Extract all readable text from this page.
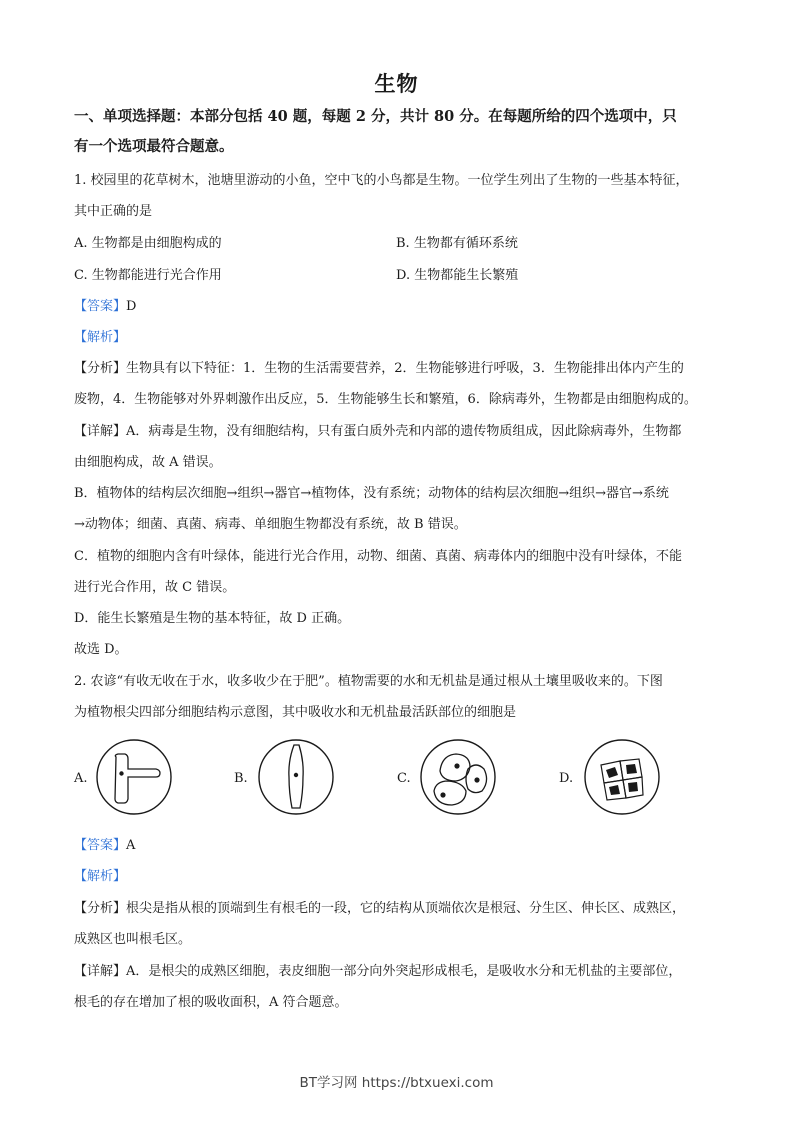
生物
一、单项选择题：本部分包括 40 题，每题 2 分，共计 80 分。在每题所给的四个选项中，只
有一个选项最符合题意。
1. 校园里的花草树木，池塘里游动的小鱼，空中飞的小鸟都是生物。一位学生列出了生物的一些基本特征，
其中正确的是
A. 生物都是由细胞构成的	B. 生物都有循环系统
C. 生物都能进行光合作用	D. 生物都能生长繁殖
【答案】D
【解析】
【分析】生物具有以下特征：1．生物的生活需要营养，2．生物能够进行呼吸，3．生物能排出体内产生的
废物，4．生物能够对外界刺激作出反应，5．生物能够生长和繁殖，6．除病毒外，生物都是由细胞构成的。
【详解】A．病毒是生物，没有细胞结构，只有蛋白质外壳和内部的遗传物质组成，因此除病毒外，生物都
由细胞构成，故 A 错误。
B．植物体的结构层次细胞→组织→器官→植物体，没有系统；动物体的结构层次细胞→组织→器官→系统
→动物体；细菌、真菌、病毒、单细胞生物都没有系统，故 B 错误。
C．植物的细胞内含有叶绿体，能进行光合作用，动物、细菌、真菌、病毒体内的细胞中没有叶绿体，不能
进行光合作用，故 C 错误。
D．能生长繁殖是生物的基本特征，故 D 正确。
故选 D。
2. 农谚“有收无收在于水，收多收少在于肥”。植物需要的水和无机盐是通过根从土壤里吸收来的。下图
为植物根尖四部分细胞结构示意图，其中吸收水和无机盐最活跃部位的细胞是
A.	B.	C.	D.
【答案】A
【解析】
【分析】根尖是指从根的顶端到生有根毛的一段，它的结构从顶端依次是根冠、分生区、伸长区、成熟区，
成熟区也叫根毛区。
【详解】A．是根尖的成熟区细胞，表皮细胞一部分向外突起形成根毛，是吸收水分和无机盐的主要部位，
根毛的存在增加了根的吸收面积，A 符合题意。
BT学习网 https://btxuexi.com
